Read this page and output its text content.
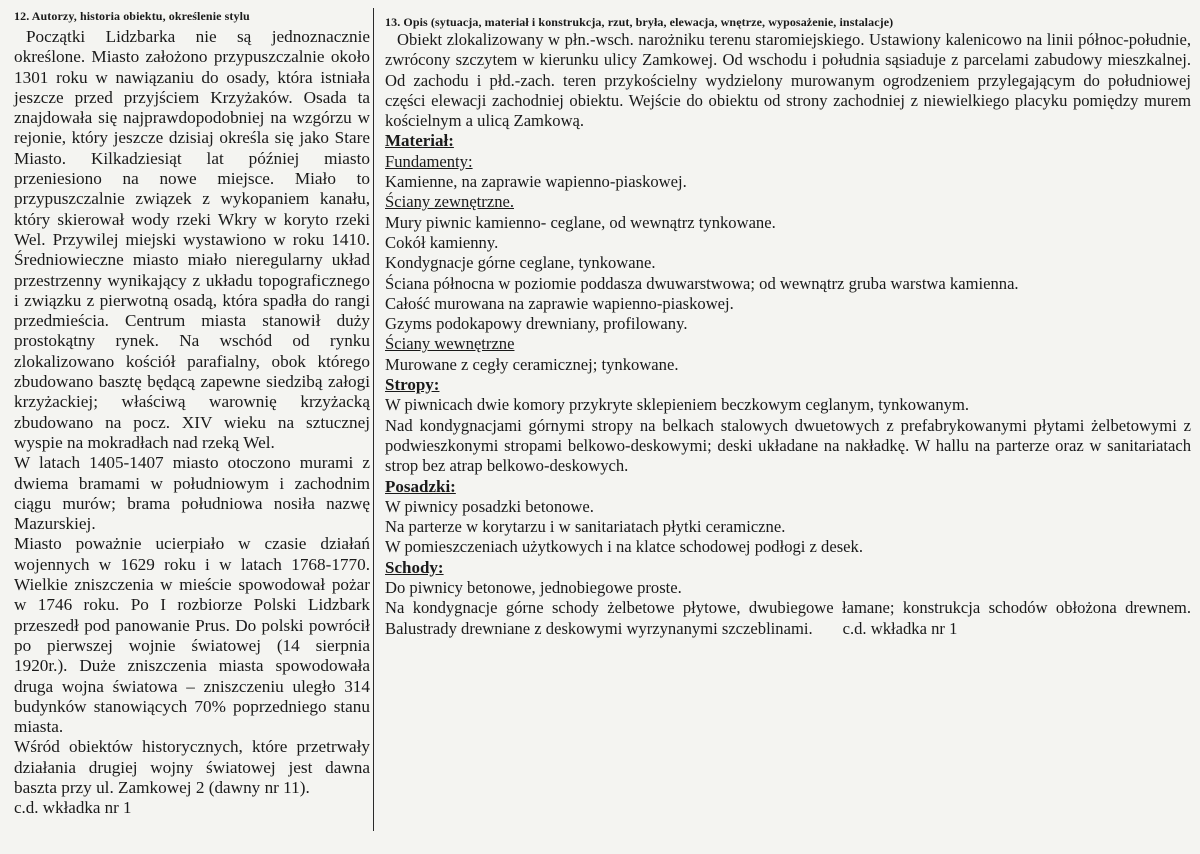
12. Autorzy, historia obiektu, określenie stylu

Początki Lidzbarka nie są jednoznacznie określone. Miasto założono przypuszczalnie około 1301 roku w nawiązaniu do osady, która istniała jeszcze przed przyjściem Krzyżaków. Osada ta znajdowała się najprawdopodobniej na wzgórzu w rejonie, który jeszcze dzisiaj określa się jako Stare Miasto. Kilkadziesiąt lat później miasto przeniesiono na nowe miejsce. Miało to przypuszczalnie związek z wykopaniem kanału, który skierował wody rzeki Wkry w koryto rzeki Wel. Przywilej miejski wystawiono w roku 1410. Średniowieczne miasto miało nieregularny układ przestrzenny wynikający z układu topograficznego i związku z pierwotną osadą, która spadła do rangi przedmieścia. Centrum miasta stanowił duży prostokątny rynek. Na wschód od rynku zlokalizowano kościół parafialny, obok którego zbudowano basztę będącą zapewne siedzibą załogi krzyżackiej; właściwą warownię krzyżacką zbudowano na pocz. XIV wieku na sztucznej wyspie na mokradłach nad rzeką Wel.

W latach 1405-1407 miasto otoczono murami z dwiema bramami w południowym i zachodnim ciągu murów; brama południowa nosiła nazwę Mazurskiej.

Miasto poważnie ucierpiało w czasie działań wojennych w 1629 roku i w latach 1768-1770. Wielkie zniszczenia w mieście spowodował pożar w 1746 roku. Po I rozbiorze Polski Lidzbark przeszedł pod panowanie Prus. Do polski powrócił po pierwszej wojnie światowej (14 sierpnia 1920r.). Duże zniszczenia miasta spowodowała druga wojna światowa – zniszczeniu uległo 314 budynków stanowiących 70% poprzedniego stanu miasta.

Wśród obiektów historycznych, które przetrwały działania drugiej wojny światowej jest dawna baszta przy ul. Zamkowej 2 (dawny nr 11).

c.d. wkładka nr 1

13. Opis (sytuacja, materiał i konstrukcja, rzut, bryła, elewacja, wnętrze, wyposażenie, instalacje)

Obiekt zlokalizowany w płn.-wsch. narożniku terenu staromiejskiego. Ustawiony kalenicowo na linii północ-południe, zwrócony szczytem w kierunku ulicy Zamkowej. Od wschodu i południa sąsiaduje z parcelami zabudowy mieszkalnej. Od zachodu i płd.-zach. teren przykościelny wydzielony murowanym ogrodzeniem przylegającym do południowej części elewacji zachodniej obiektu. Wejście do obiektu od strony zachodniej z niewielkiego placyku pomiędzy murem kościelnym a ulicą Zamkową.

Materiał:

Fundamenty:

Kamienne, na zaprawie wapienno-piaskowej.

Ściany zewnętrzne.

Mury piwnic kamienno- ceglane, od wewnątrz tynkowane.

Cokół kamienny.

Kondygnacje górne ceglane, tynkowane.

Ściana północna w poziomie poddasza dwuwarstwowa; od wewnątrz gruba warstwa kamienna.

Całość murowana na zaprawie wapienno-piaskowej.

Gzyms podokapowy drewniany, profilowany.

Ściany wewnętrzne

Murowane z cegły ceramicznej; tynkowane.

Stropy:

W piwnicach dwie komory przykryte sklepieniem beczkowym ceglanym, tynkowanym.

Nad kondygnacjami górnymi stropy na belkach stalowych dwuetowych z prefabrykowanymi płytami żelbetowymi z podwieszkonymi stropami belkowo-deskowymi; deski układane na nakładkę. W hallu na parterze oraz w sanitariatach strop bez atrap belkowo-deskowych.

Posadzki:

W piwnicy posadzki betonowe.

Na parterze w korytarzu i w sanitariatach płytki ceramiczne.

W pomieszczeniach użytkowych i na klatce schodowej podłogi z desek.

Schody:

Do piwnicy betonowe, jednobiegowe proste.

Na kondygnacje górne schody żelbetowe płytowe, dwubiegowe łamane; konstrukcja schodów obłożona drewnem. Balustrady drewniane z deskowymi wyrzynanymi szczeblinami. c.d. wkładka nr 1
